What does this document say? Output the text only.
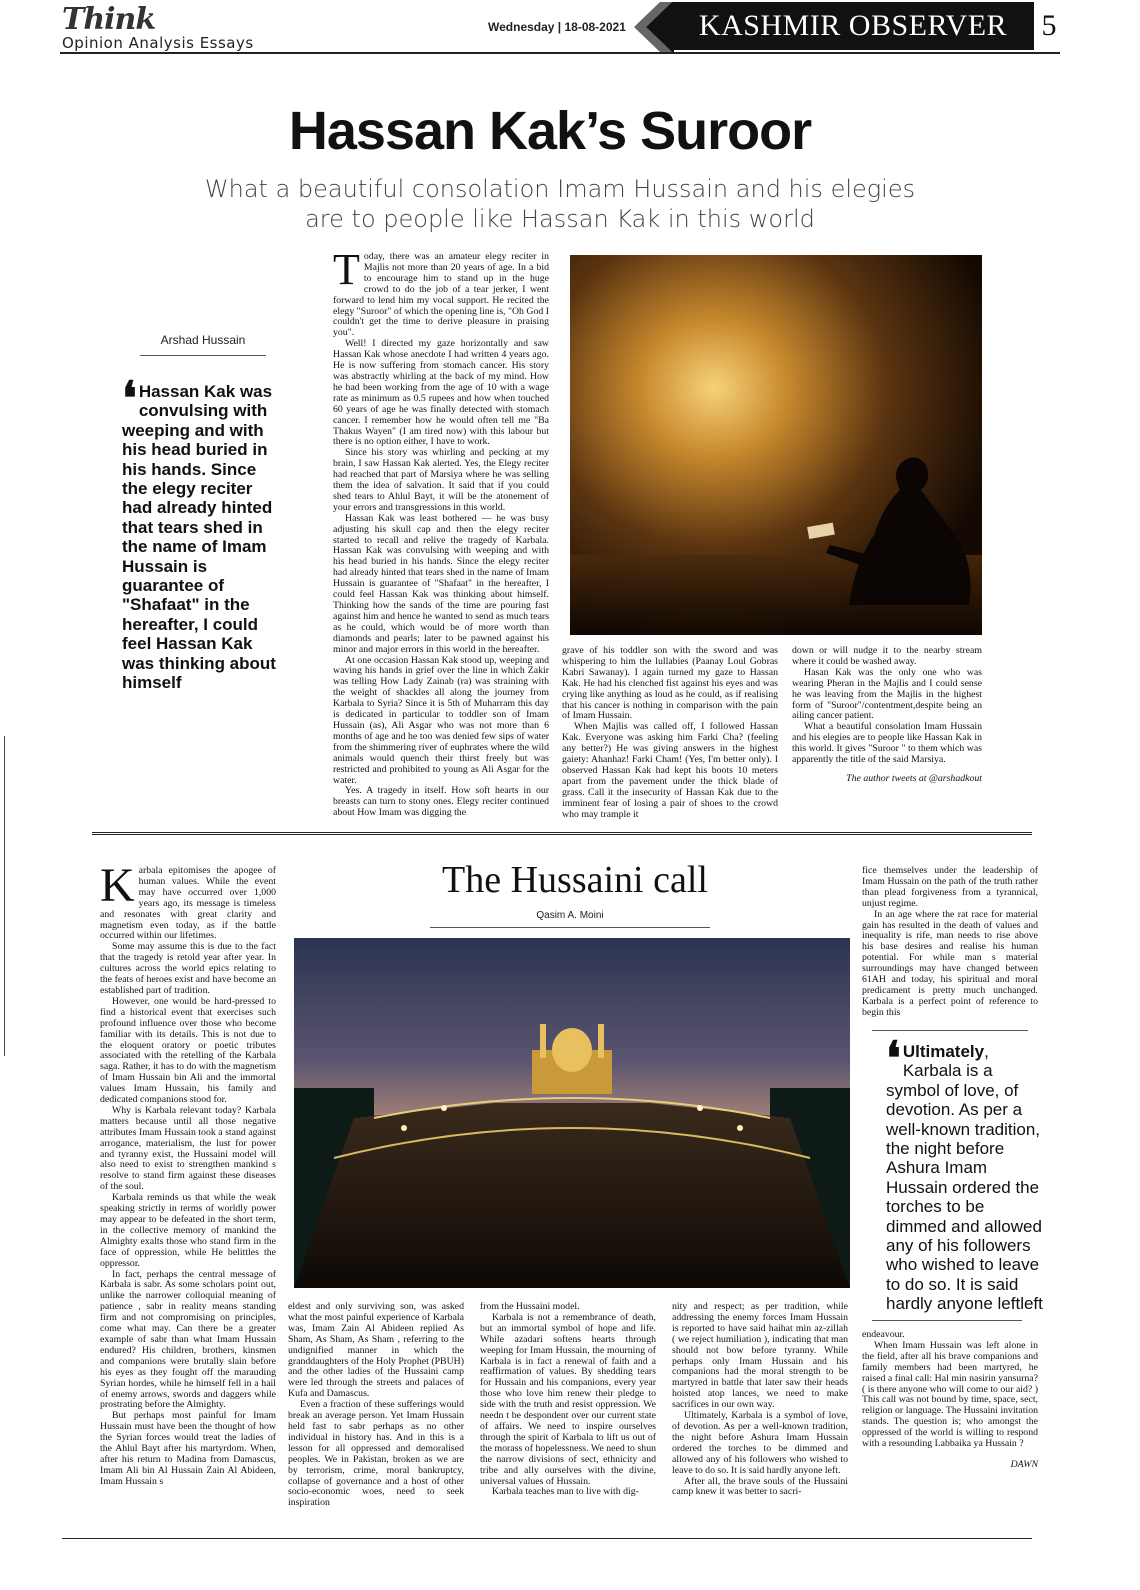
Think
Opinion Analysis Essays
Wednesday | 18-08-2021	KASHMIR OBSERVER	5
Hassan Kak’s Suroor
What a beautiful consolation Imam Hussain and his elegies are to people like Hassan Kak in this world
Arshad Hussain
❛ Hassan Kak was convulsing with weeping and with his head buried in his hands. Since the elegy reciter had already hinted that tears shed in the name of Imam Hussain is guarantee of "Shafaat" in the hereafter, I could feel Hassan Kak was thinking about himself
T oday, there was an amateur elegy reciter in Majlis not more than 20 years of age. In a bid to encourage him to stand up in the huge crowd to do the job of a tear jerker, I went forward to lend him my vocal support. He recited the elegy "Suroor" of which the opening line is, "Oh God I couldn't get the time to derive pleasure in praising you".

Well! I directed my gaze horizontally and saw Hassan Kak whose anecdote I had written 4 years ago. He is now suffering from stomach cancer. His story was abstractly whirling at the back of my mind. How he had been working from the age of 10 with a wage rate as minimum as 0.5 rupees and how when touched 60 years of age he was finally detected with stomach cancer. I remember how he would often tell me "Ba Thakus Wayen" (I am tired now) with this labour but there is no option either, I have to work.

Since his story was whirling and pecking at my brain, I saw Hassan Kak alerted. Yes, the Elegy reciter had reached that part of Marsiya where he was selling them the idea of salvation. It said that if you could shed tears to Ahlul Bayt, it will be the atonement of your errors and transgressions in this world.

Hassan Kak was least bothered — he was busy adjusting his skull cap and then the elegy reciter started to recall and relive the tragedy of Karbala. Hassan Kak was convulsing with weeping and with his head buried in his hands. Since the elegy reciter had already hinted that tears shed in the name of Imam Hussain is guarantee of "Shafaat" in the hereafter, I could feel Hassan Kak was thinking about himself. Thinking how the sands of the time are pouring fast against him and hence he wanted to send as much tears as he could, which would be of more worth than diamonds and pearls; later to be pawned against his minor and major errors in this world in the hereafter.

At one occasion Hassan Kak stood up, weeping and waving his hands in grief over the line in which Zakir was telling How Lady Zainab (ra) was straining with the weight of shackles all along the journey from Karbala to Syria? Since it is 5th of Muharram this day is dedicated in particular to toddler son of Imam Hussain (as), Ali Asgar who was not more than 6 months of age and he too was denied few sips of water from the shimmering river of euphrates where the wild animals would quench their thirst freely but was restricted and prohibited to young as Ali Asgar for the water.

Yes. A tragedy in itself. How soft hearts in our breasts can turn to stony ones. Elegy reciter continued about How Imam was digging the

grave of his toddler son with the sword and was whispering to him the lullabies (Paanay Loul Gobras Kabri Sawanay). I again turned my gaze to Hassan Kak. He had his clenched fist against his eyes and was crying like anything as loud as he could, as if realising that his cancer is nothing in comparison with the pain of Imam Hussain.

When Majlis was called off, I followed Hassan Kak. Everyone was asking him Farki Cha? (feeling any better?) He was giving answers in the highest gaiety: Ahanhaz! Farki Cham! (Yes, I'm better only). I observed Hassan Kak had kept his boots 10 meters apart from the pavement under the thick blade of grass. Call it the insecurity of Hassan Kak due to the imminent fear of losing a pair of shoes to the crowd who may trample it

down or will nudge it to the nearby stream where it could be washed away.

Hasan Kak was the only one who was wearing Pheran in the Majlis and I could sense he was leaving from the Majlis in the highest form of "Suroor"/contentment,despite being an ailing cancer patient.

What a beautiful consolation Imam Hussain and his elegies are to people like Hassan Kak in this world. It gives "Suroor " to them which was apparently the title of the said Marsiya.

The author tweets at @arshadkout

The Hussaini call
Qasim A. Moini
K arbala epitomises the apogee of human values. While the event may have occurred over 1,000 years ago, its message is timeless and resonates with great clarity and magnetism even today, as if the battle occurred within our lifetimes.

Some may assume this is due to the fact that the tragedy is retold year after year. In cultures across the world epics relating to the feats of heroes exist and have become an established part of tradition.

However, one would be hard-pressed to find a historical event that exercises such profound influence over those who become familiar with its details. This is not due to the eloquent oratory or poetic tributes associated with the retelling of the Karbala saga. Rather, it has to do with the magnetism of Imam Hussain bin Ali and the immortal values Imam Hussain, his family and dedicated companions stood for.

Why is Karbala relevant today? Karbala matters because until all those negative attributes Imam Hussain took a stand against arrogance, materialism, the lust for power and tyranny exist, the Hussaini model will also need to exist to strengthen mankind s resolve to stand firm against these diseases of the soul.

Karbala reminds us that while the weak speaking strictly in terms of worldly power may appear to be defeated in the short term, in the collective memory of mankind the Almighty exalts those who stand firm in the face of oppression, while He belittles the oppressor.

In fact, perhaps the central message of Karbala is sabr. As some scholars point out, unlike the narrower colloquial meaning of patience , sabr in reality means standing firm and not compromising on principles, come what may. Can there be a greater example of sabr than what Imam Hussain endured? His children, brothers, kinsmen and companions were brutally slain before his eyes as they fought off the marauding Syrian hordes, while he himself fell in a hail of enemy arrows, swords and daggers while prostrating before the Almighty.

But perhaps most painful for Imam Hussain must have been the thought of how the Syrian forces would treat the ladies of the Ahlul Bayt after his martyrdom. When, after his return to Madina from Damascus, Imam Ali bin Al Hussain Zain Al Abideen, Imam Hussain s

eldest and only surviving son, was asked what the most painful experience of Karbala was, Imam Zain Al Abideen replied As Sham, As Sham, As Sham , referring to the undignified manner in which the granddaughters of the Holy Prophet (PBUH) and the other ladies of the Hussaini camp were led through the streets and palaces of Kufa and Damascus.

Even a fraction of these sufferings would break an average person. Yet Imam Hussain held fast to sabr perhaps as no other individual in history has. And in this is a lesson for all oppressed and demoralised peoples. We in Pakistan, broken as we are by terrorism, crime, moral bankruptcy, collapse of governance and a host of other socio-economic woes, need to seek inspiration

from the Hussaini model.

Karbala is not a remembrance of death, but an immortal symbol of hope and life. While azadari softens hearts through weeping for Imam Hussain, the mourning of Karbala is in fact a renewal of faith and a reaffirmation of values. By shedding tears for Hussain and his companions, every year those who love him renew their pledge to side with the truth and resist oppression. We needn t be despondent over our current state of affairs. We need to inspire ourselves through the spirit of Karbala to lift us out of the morass of hopelessness. We need to shun the narrow divisions of sect, ethnicity and tribe and ally ourselves with the divine, universal values of Hussain.

Karbala teaches man to live with dig-

nity and respect; as per tradition, while addressing the enemy forces Imam Hussain is reported to have said haihat min az-zillah ( we reject humiliation ), indicating that man should not bow before tyranny. While perhaps only Imam Hussain and his companions had the moral strength to be martyred in battle that later saw their heads hoisted atop lances, we need to make sacrifices in our own way.

Ultimately, Karbala is a symbol of love, of devotion. As per a well-known tradition, the night before Ashura Imam Hussain ordered the torches to be dimmed and allowed any of his followers who wished to leave to do so. It is said hardly anyone left.

After all, the brave souls of the Hussaini camp knew it was better to sacri-

fice themselves under the leadership of Imam Hussain on the path of the truth rather than plead forgiveness from a tyrannical, unjust regime.

In an age where the rat race for material gain has resulted in the death of values and inequality is rife, man needs to rise above his base desires and realise his human potential. For while man s material surroundings may have changed between 61AH and today, his spiritual and moral predicament is pretty much unchanged. Karbala is a perfect point of reference to begin this

❛ Ultimately, Karbala is a symbol of love, of devotion. As per a well-known tradition, the night before Ashura Imam Hussain ordered the torches to be dimmed and allowed any of his followers who wished to leave to do so. It is said hardly anyone leftleft

endeavour.

When Imam Hussain was left alone in the field, after all his brave companions and family members had been martyred, he raised a final call: Hal min nasirin yansurna? ( is there anyone who will come to our aid? ) This call was not bound by time, space, sect, religion or language. The Hussaini invitation stands. The question is; who amongst the oppressed of the world is willing to respond with a resounding Labbaika ya Hussain ?

DAWN
